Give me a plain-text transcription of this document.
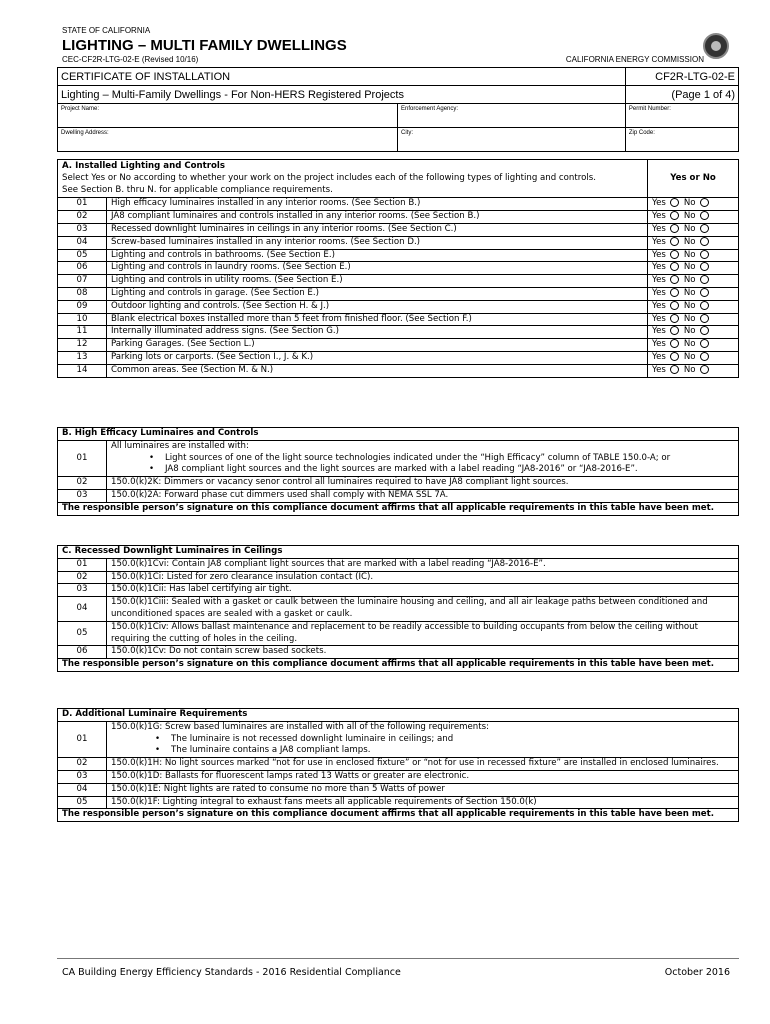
STATE OF CALIFORNIA
LIGHTING – MULTI FAMILY DWELLINGS
CEC-CF2R-LTG-02-E (Revised 10/16)	CALIFORNIA ENERGY COMMISSION
CERTIFICATE OF INSTALLATION		CF2R-LTG-02-E
Lighting – Multi-Family Dwellings - For Non-HERS Registered Projects		(Page 1 of 4)
Project Name:	Enforcement Agency:	Permit Number:
Dwelling Address:	City:	Zip Code:
A. Installed Lighting and Controls
Select Yes or No according to whether your work on the project includes each of the following types of lighting and controls.
See Section B. thru N. for applicable compliance requirements.		Yes or No
01	High efficacy luminaires installed in any interior rooms. (See Section B.)	Yes No
02	JA8 compliant luminaires and controls installed in any interior rooms. (See Section B.)	Yes No
03	Recessed downlight luminaires in ceilings in any interior rooms. (See Section C.)	Yes No
04	Screw-based luminaires installed in any interior rooms. (See Section D.)	Yes No
05	Lighting and controls in bathrooms. (See Section E.)	Yes No
06	Lighting and controls in laundry rooms. (See Section E.)	Yes No
07	Lighting and controls in utility rooms. (See Section E.)	Yes No
08	Lighting and controls in garage. (See Section E.)	Yes No
09	Outdoor lighting and controls. (See Section H. & J.)	Yes No
10	Blank electrical boxes installed more than 5 feet from finished floor. (See Section F.)	Yes No
11	Internally illuminated address signs. (See Section G.)	Yes No
12	Parking Garages. (See Section L.)	Yes No
13	Parking lots or carports. (See Section I., J. & K.)	Yes No
14	Common areas. See (Section M. & N.)	Yes No
B. High Efficacy Luminaires and Controls	
01	All luminaires are installed with:
• Light sources of one of the light source technologies indicated under the “High Efficacy” column of TABLE 150.0-A; or
• JA8 compliant light sources and the light sources are marked with a label reading “JA8-2016” or “JA8-2016-E”.

02	150.0(k)2K: Dimmers or vacancy senor control all luminaires required to have JA8 compliant light sources.
03	150.0(k)2A: Forward phase cut dimmers used shall comply with NEMA SSL 7A.
The responsible person’s signature on this compliance document affirms that all applicable requirements in this table have been met.	
C. Recessed Downlight Luminaires in Ceilings	
01	150.0(k)1Cvi: Contain JA8 compliant light sources that are marked with a label reading “JA8-2016-E”.
02	150.0(k)1Ci: Listed for zero clearance insulation contact (IC).
03	150.0(k)1Cii: Has label certifying air tight.
04	150.0(k)1Ciii: Sealed with a gasket or caulk between the luminaire housing and ceiling, and all air leakage paths between conditioned and unconditioned spaces are sealed with a gasket or caulk.
05	150.0(k)1Civ: Allows ballast maintenance and replacement to be readily accessible to building occupants from below the ceiling without requiring the cutting of holes in the ceiling.
06	150.0(k)1Cv: Do not contain screw based sockets.
The responsible person’s signature on this compliance document affirms that all applicable requirements in this table have been met.	
D. Additional Luminaire Requirements	
01	150.0(k)1G: Screw based luminaires are installed with all of the following requirements:
• The luminaire is not recessed downlight luminaire in ceilings; and
• The luminaire contains a JA8 compliant lamps.

02	150.0(k)1H: No light sources marked “not for use in enclosed fixture” or “not for use in recessed fixture” are installed in enclosed luminaires.
03	150.0(k)1D: Ballasts for fluorescent lamps rated 13 Watts or greater are electronic.
04	150.0(k)1E: Night lights are rated to consume no more than 5 Watts of power
05	150.0(k)1F: Lighting integral to exhaust fans meets all applicable requirements of Section 150.0(k)
The responsible person’s signature on this compliance document affirms that all applicable requirements in this table have been met.	
CA Building Energy Efficiency Standards - 2016 Residential Compliance	October 2016
